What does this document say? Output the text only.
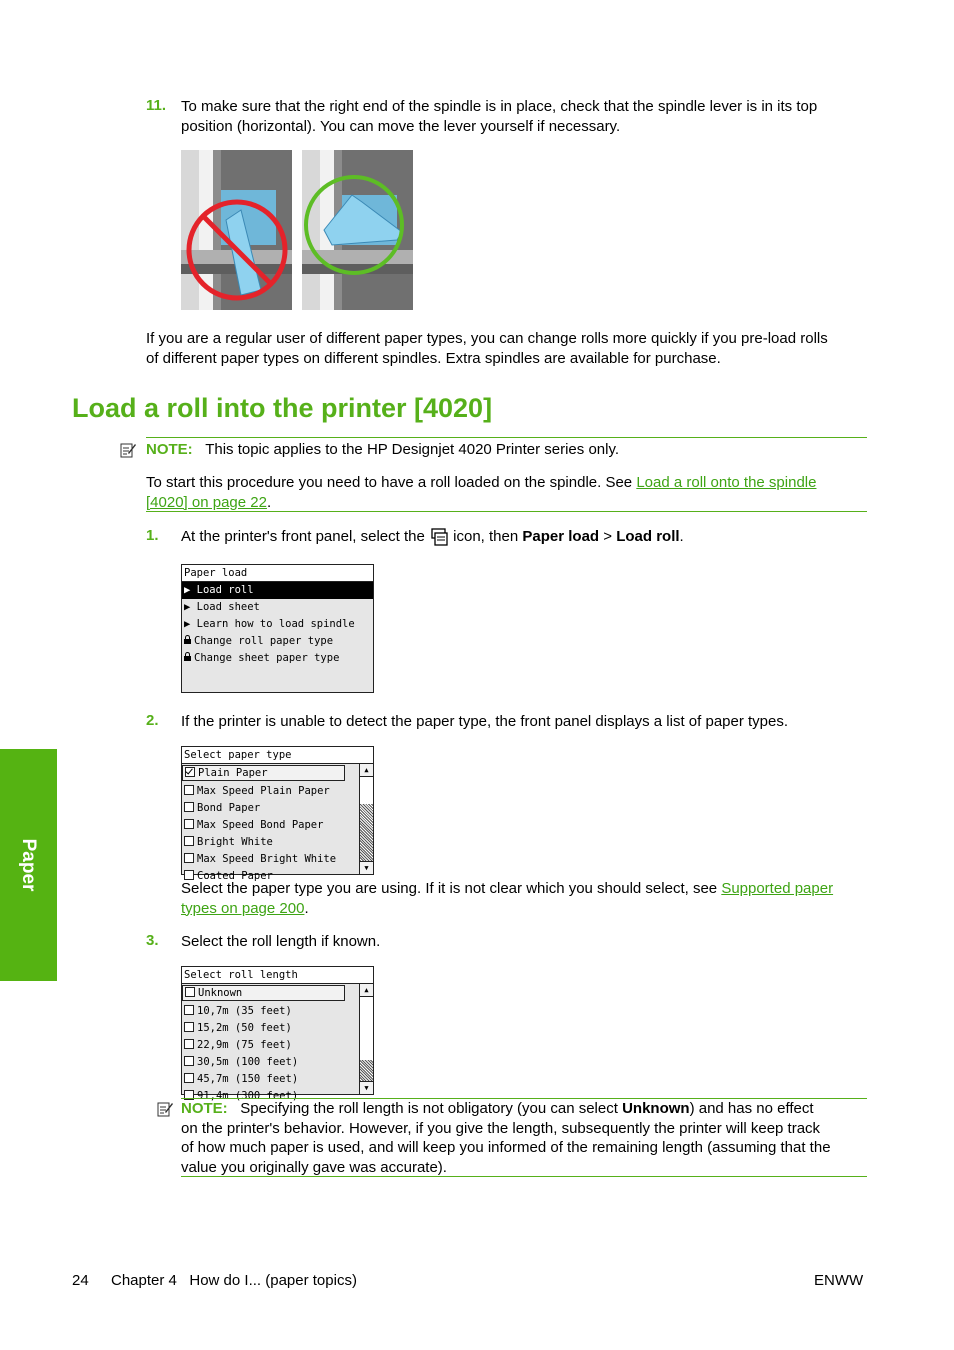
11. To make sure that the right end of the spindle is in place, check that the spindle lever is in its top
position (horizontal). You can move the lever yourself if necessary.
If you are a regular user of different paper types, you can change rolls more quickly if you pre-load rolls
of different paper types on different spindles. Extra spindles are available for purchase.
Load a roll into the printer [4020]
NOTE: This topic applies to the HP Designjet 4020 Printer series only.
To start this procedure you need to have a roll loaded on the spindle. See Load a roll onto the spindle
[4020] on page 22.
1. At the printer's front panel, select the  icon, then Paper load > Load roll.
Paper load
▶ Load roll
▶ Load sheet
▶ Learn how to load spindle
Change roll paper type
Change sheet paper type
2. If the printer is unable to detect the paper type, the front panel displays a list of paper types.
Select paper type
Plain Paper
Max Speed Plain Paper
Bond Paper
Max Speed Bond Paper
Bright White
Max Speed Bright White
Coated Paper
▲
▼
Select the paper type you are using. If it is not clear which you should select, see Supported paper
types on page 200.
3. Select the roll length if known.
Select roll length
Unknown
10,7m (35 feet)
15,2m (50 feet)
22,9m (75 feet)
30,5m (100 feet)
45,7m (150 feet)
91,4m (300 feet)
▲
▼
NOTE: Specifying the roll length is not obligatory (you can select Unknown) and has no effect
on the printer's behavior. However, if you give the length, subsequently the printer will keep track
of how much paper is used, and will keep you informed of the remaining length (assuming that the
value you originally gave was accurate).
Paper
24 Chapter 4   How do I... (paper topics)	ENWW
